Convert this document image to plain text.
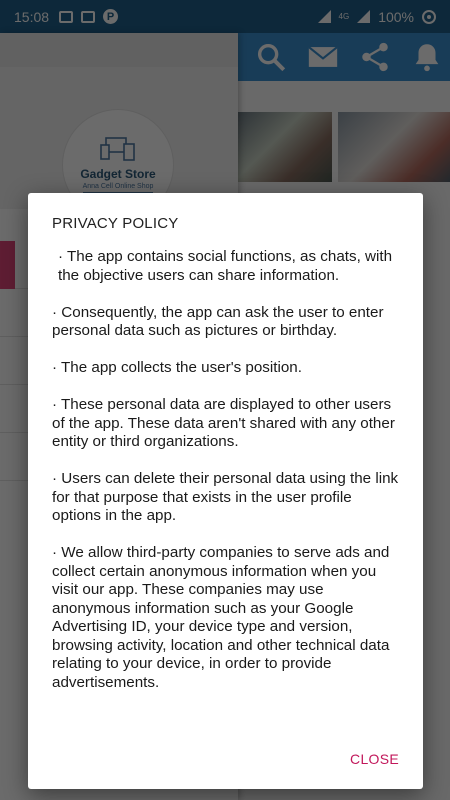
PRIVACY POLICY

· The app contains social functions, as chats, with the objective users can share information.

· Consequently, the app can ask the user to enter personal data such as pictures or birthday.

· The app collects the user's position.

· These personal data are displayed to other users of the app. These data aren't shared with any other entity or third organizations.

· Users can delete their personal data using the link for that purpose that exists in the user profile options in the app.

· We allow third-party companies to serve ads and collect certain anonymous information when you visit our app. These companies may use anonymous information such as your Google Advertising ID, your device type and version, browsing activity, location and other technical data relating to your device, in order to provide advertisements.

CLOSE
